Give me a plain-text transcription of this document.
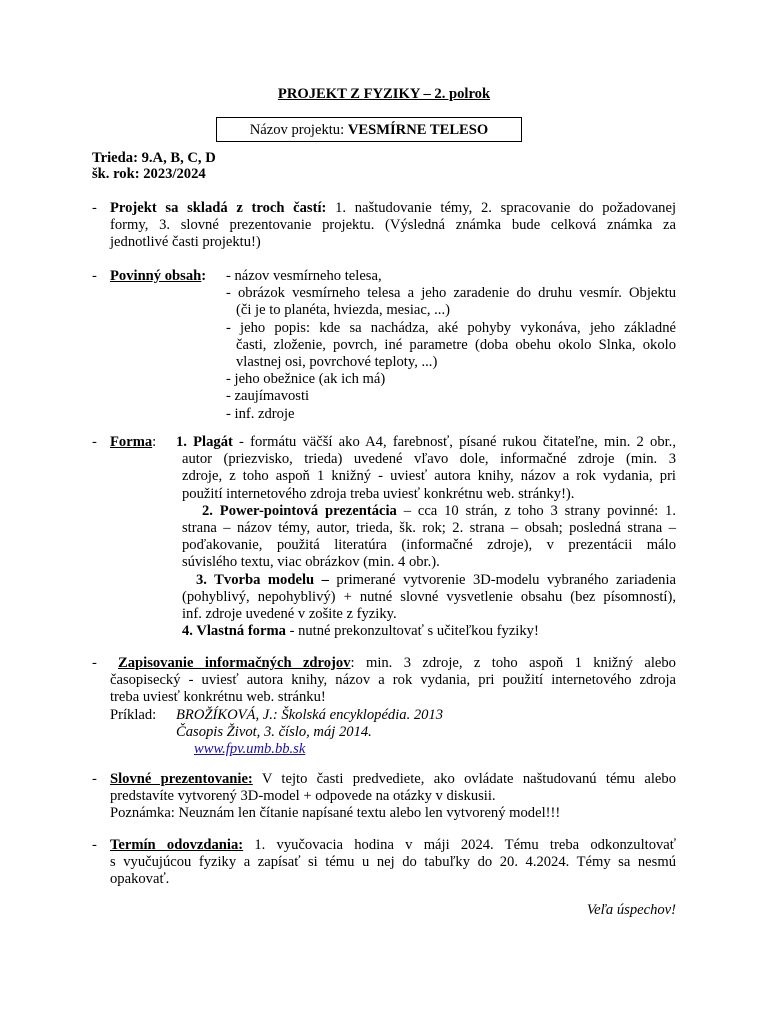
PROJEKT Z FYZIKY – 2. polrok
Názov projektu: VESMÍRNE TELESO
Trieda: 9.A, B, C, D
šk. rok: 2023/2024
- Projekt sa skladá z troch častí: 1. naštudovanie témy, 2. spracovanie do požadovanej
formy, 3. slovné prezentovanie projektu. (Výsledná známka bude celková známka za
jednotlivé časti projektu!)
- Povinný obsah: - názov vesmírneho telesa,
- obrázok vesmírneho telesa a jeho zaradenie do druhu vesmír. Objektu
(či je to planéta, hviezda, mesiac, ...)
- jeho popis: kde sa nachádza, aké pohyby vykonáva, jeho základné
časti, zloženie, povrch, iné parametre (doba obehu okolo Slnka, okolo
vlastnej osi, povrchové teploty, ...)
- jeho obežnice (ak ich má)
- zaujímavosti
- inf. zdroje
- Forma: 1. Plagát - formátu väčší ako A4, farebnosť, písané rukou čitateľne, min. 2 obr.,
autor (priezvisko, trieda) uvedené vľavo dole, informačné zdroje (min. 3
zdroje, z toho aspoň 1 knižný - uviesť autora knihy, názov a rok vydania, pri
použití internetového zdroja treba uviesť konkrétnu web. stránky!).
2. Power-pointová prezentácia – cca 10 strán, z toho 3 strany povinné: 1.
strana – názov témy, autor, trieda, šk. rok; 2. strana – obsah; posledná strana –
poďakovanie, použitá literatúra (informačné zdroje), v prezentácii málo
súvislého textu, viac obrázkov (min. 4 obr.).
3. Tvorba modelu – primerané vytvorenie 3D-modelu vybraného zariadenia
(pohyblivý, nepohyblivý) + nutné slovné vysvetlenie obsahu (bez písomností),
inf. zdroje uvedené v zošite z fyziky.
4. Vlastná forma - nutné prekonzultovať s učiteľkou fyziky!
-	Zapisovanie informačných zdrojov: min. 3 zdroje, z toho aspoň 1 knižný alebo
časopisecký - uviesť autora knihy, názov a rok vydania, pri použití internetového zdroja
treba uviesť konkrétnu web. stránku!
Príklad: BROŽÍKOVÁ, J.: Školská encyklopédia. 2013
Časopis Život, 3. číslo, máj 2014.
www.fpv.umb.bb.sk
- Slovné prezentovanie: V tejto časti predvediete, ako ovládate naštudovanú tému alebo
predstavíte vytvorený 3D-model + odpovede na otázky v diskusii.
Poznámka: Neuznám len čítanie napísané textu alebo len vytvorený model!!!
- Termín odovzdania: 1. vyučovacia hodina v máji 2024. Tému treba odkonzultovať
s vyučujúcou fyziky a zapísať si tému u nej do tabuľky do 20. 4.2024. Témy sa nesmú
opakovať.
Veľa úspechov!
